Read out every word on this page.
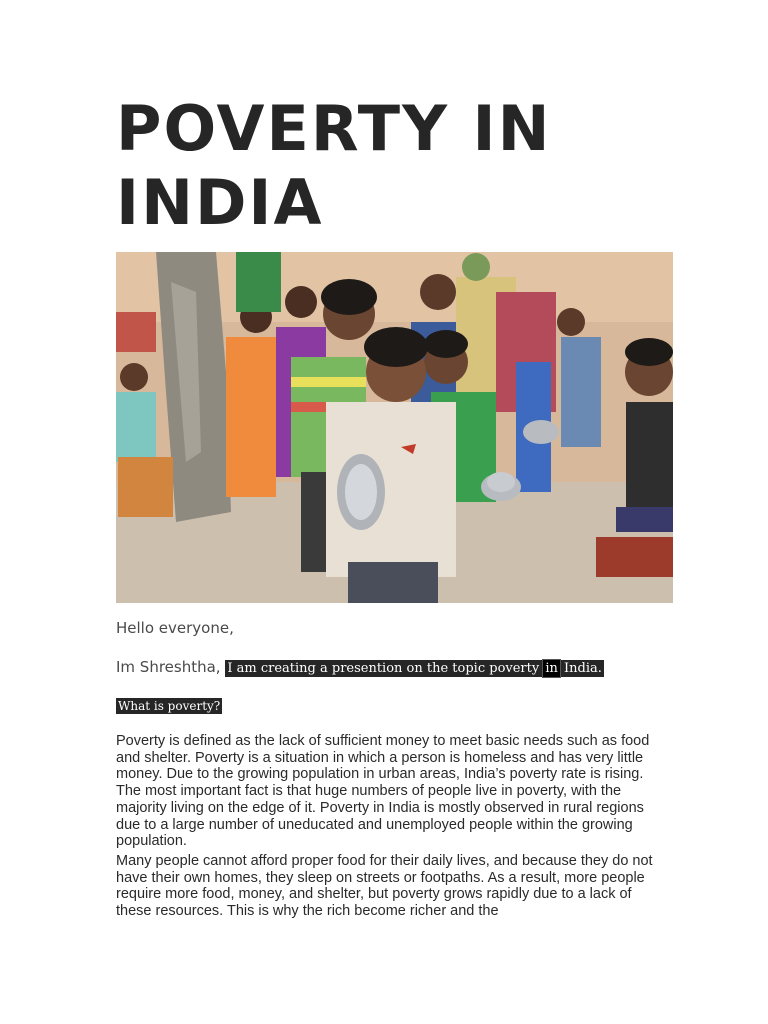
POVERTY IN INDIA

Hello everyone,

Im Shreshtha, I am creating a presention on the topic poverty in India.

What is poverty?

Poverty is defined as the lack of sufficient money to meet basic needs such as food and shelter. Poverty is a situation in which a person is homeless and has very little money. Due to the growing population in urban areas, India’s poverty rate is rising. The most important fact is that huge numbers of people live in poverty, with the majority living on the edge of it. Poverty in India is mostly observed in rural regions due to a large number of uneducated and unemployed people within the growing population.

Many people cannot afford proper food for their daily lives, and because they do not have their own homes, they sleep on streets or footpaths. As a result, more people require more food, money, and shelter, but poverty grows rapidly due to a lack of these resources. This is why the rich become richer and the
